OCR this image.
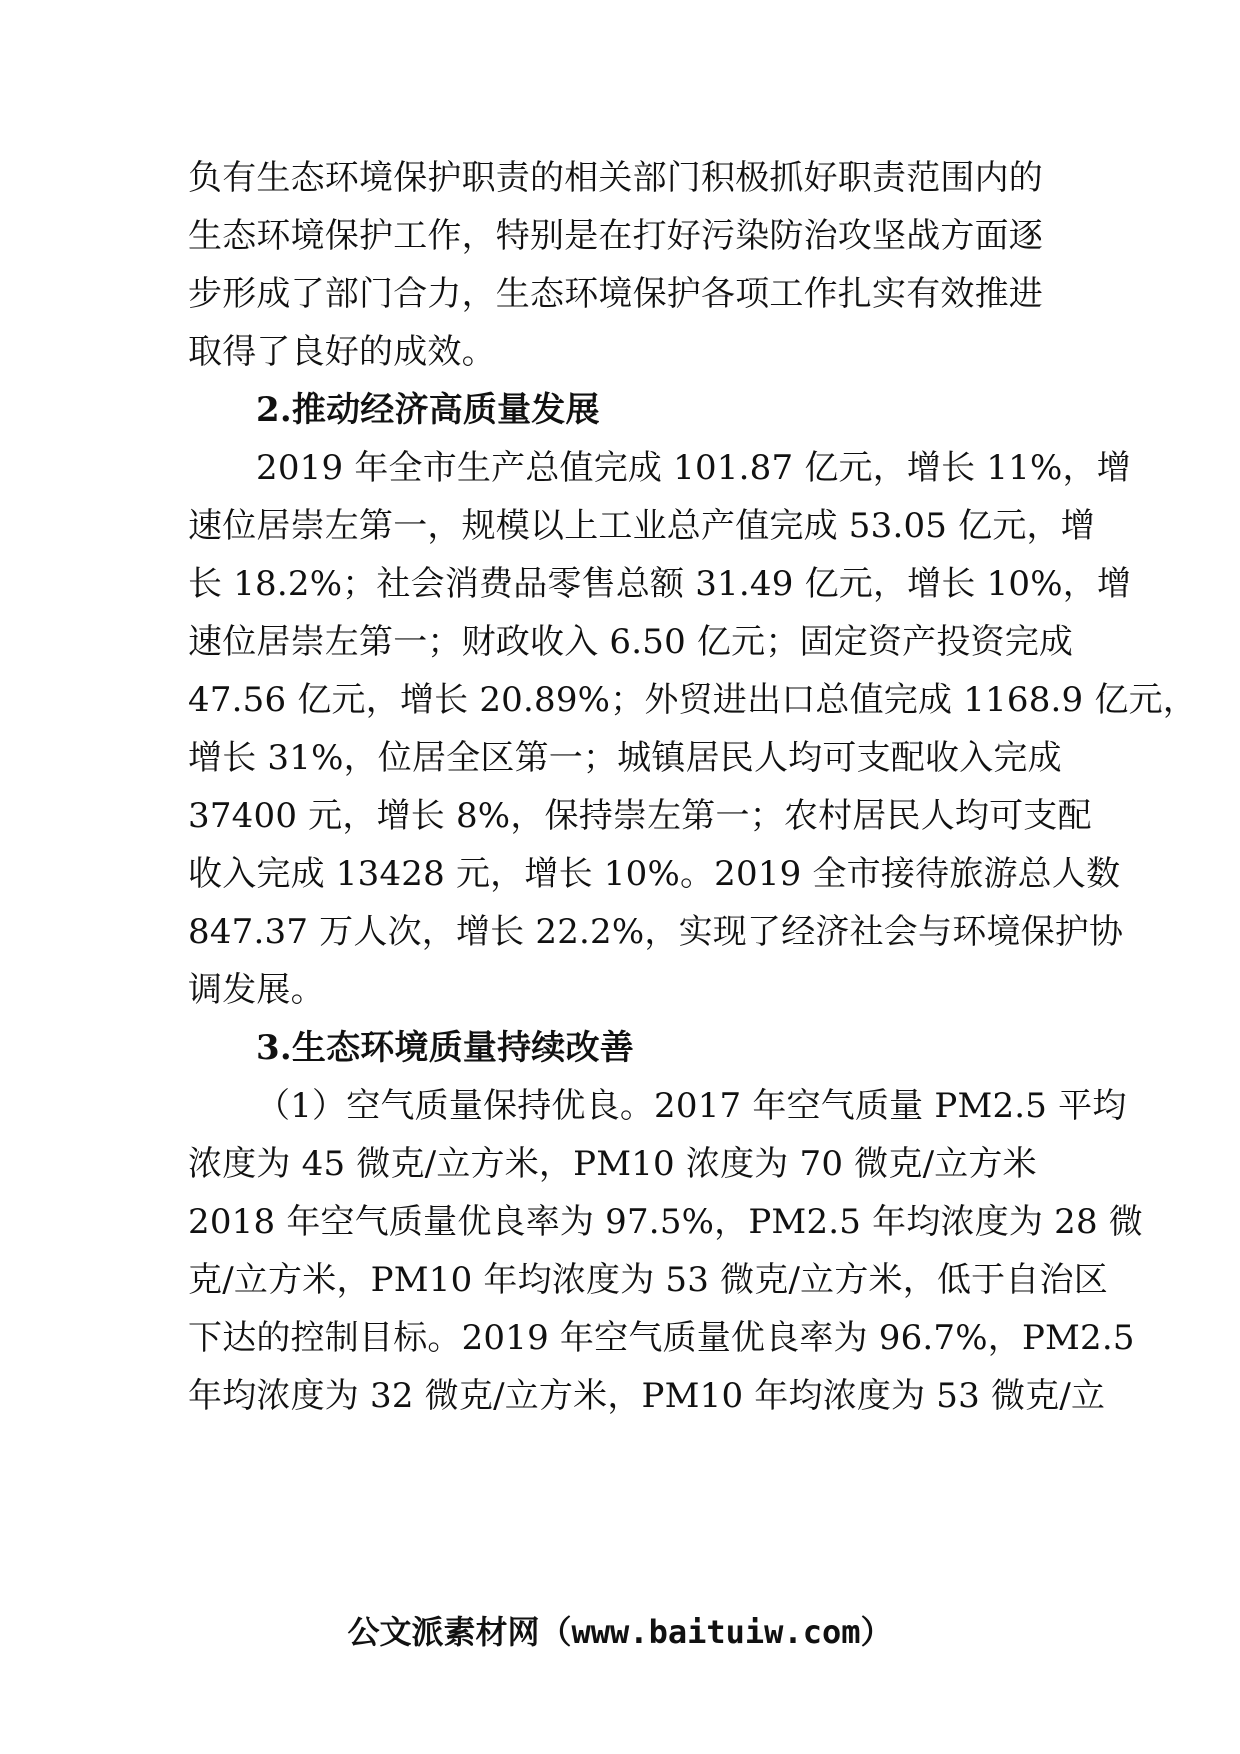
负有生态环境保护职责的相关部门积极抓好职责范围内的
生态环境保护工作，特别是在打好污染防治攻坚战方面逐
步形成了部门合力，生态环境保护各项工作扎实有效推进
取得了良好的成效。
2.推动经济高质量发展
2019 年全市生产总值完成 101.87 亿元，增长 11%，增
速位居崇左第一，规模以上工业总产值完成 53.05 亿元，增
长 18.2%；社会消费品零售总额 31.49 亿元，增长 10%，增
速位居崇左第一；财政收入 6.50 亿元；固定资产投资完成
47.56 亿元，增长 20.89%；外贸进出口总值完成 1168.9 亿元，
增长 31%，位居全区第一；城镇居民人均可支配收入完成
37400 元，增长 8%，保持崇左第一；农村居民人均可支配
收入完成 13428 元，增长 10%。2019 全市接待旅游总人数
847.37 万人次，增长 22.2%，实现了经济社会与环境保护协
调发展。
3.生态环境质量持续改善
（1）空气质量保持优良。2017 年空气质量 PM2.5 平均
浓度为 45 微克/立方米，PM10 浓度为 70 微克/立方米
2018 年空气质量优良率为 97.5%，PM2.5 年均浓度为 28 微
克/立方米，PM10 年均浓度为 53 微克/立方米，低于自治区
下达的控制目标。2019 年空气质量优良率为 96.7%，PM2.5
年均浓度为 32 微克/立方米，PM10 年均浓度为 53 微克/立
公文派素材网（www.baituiw.com）
